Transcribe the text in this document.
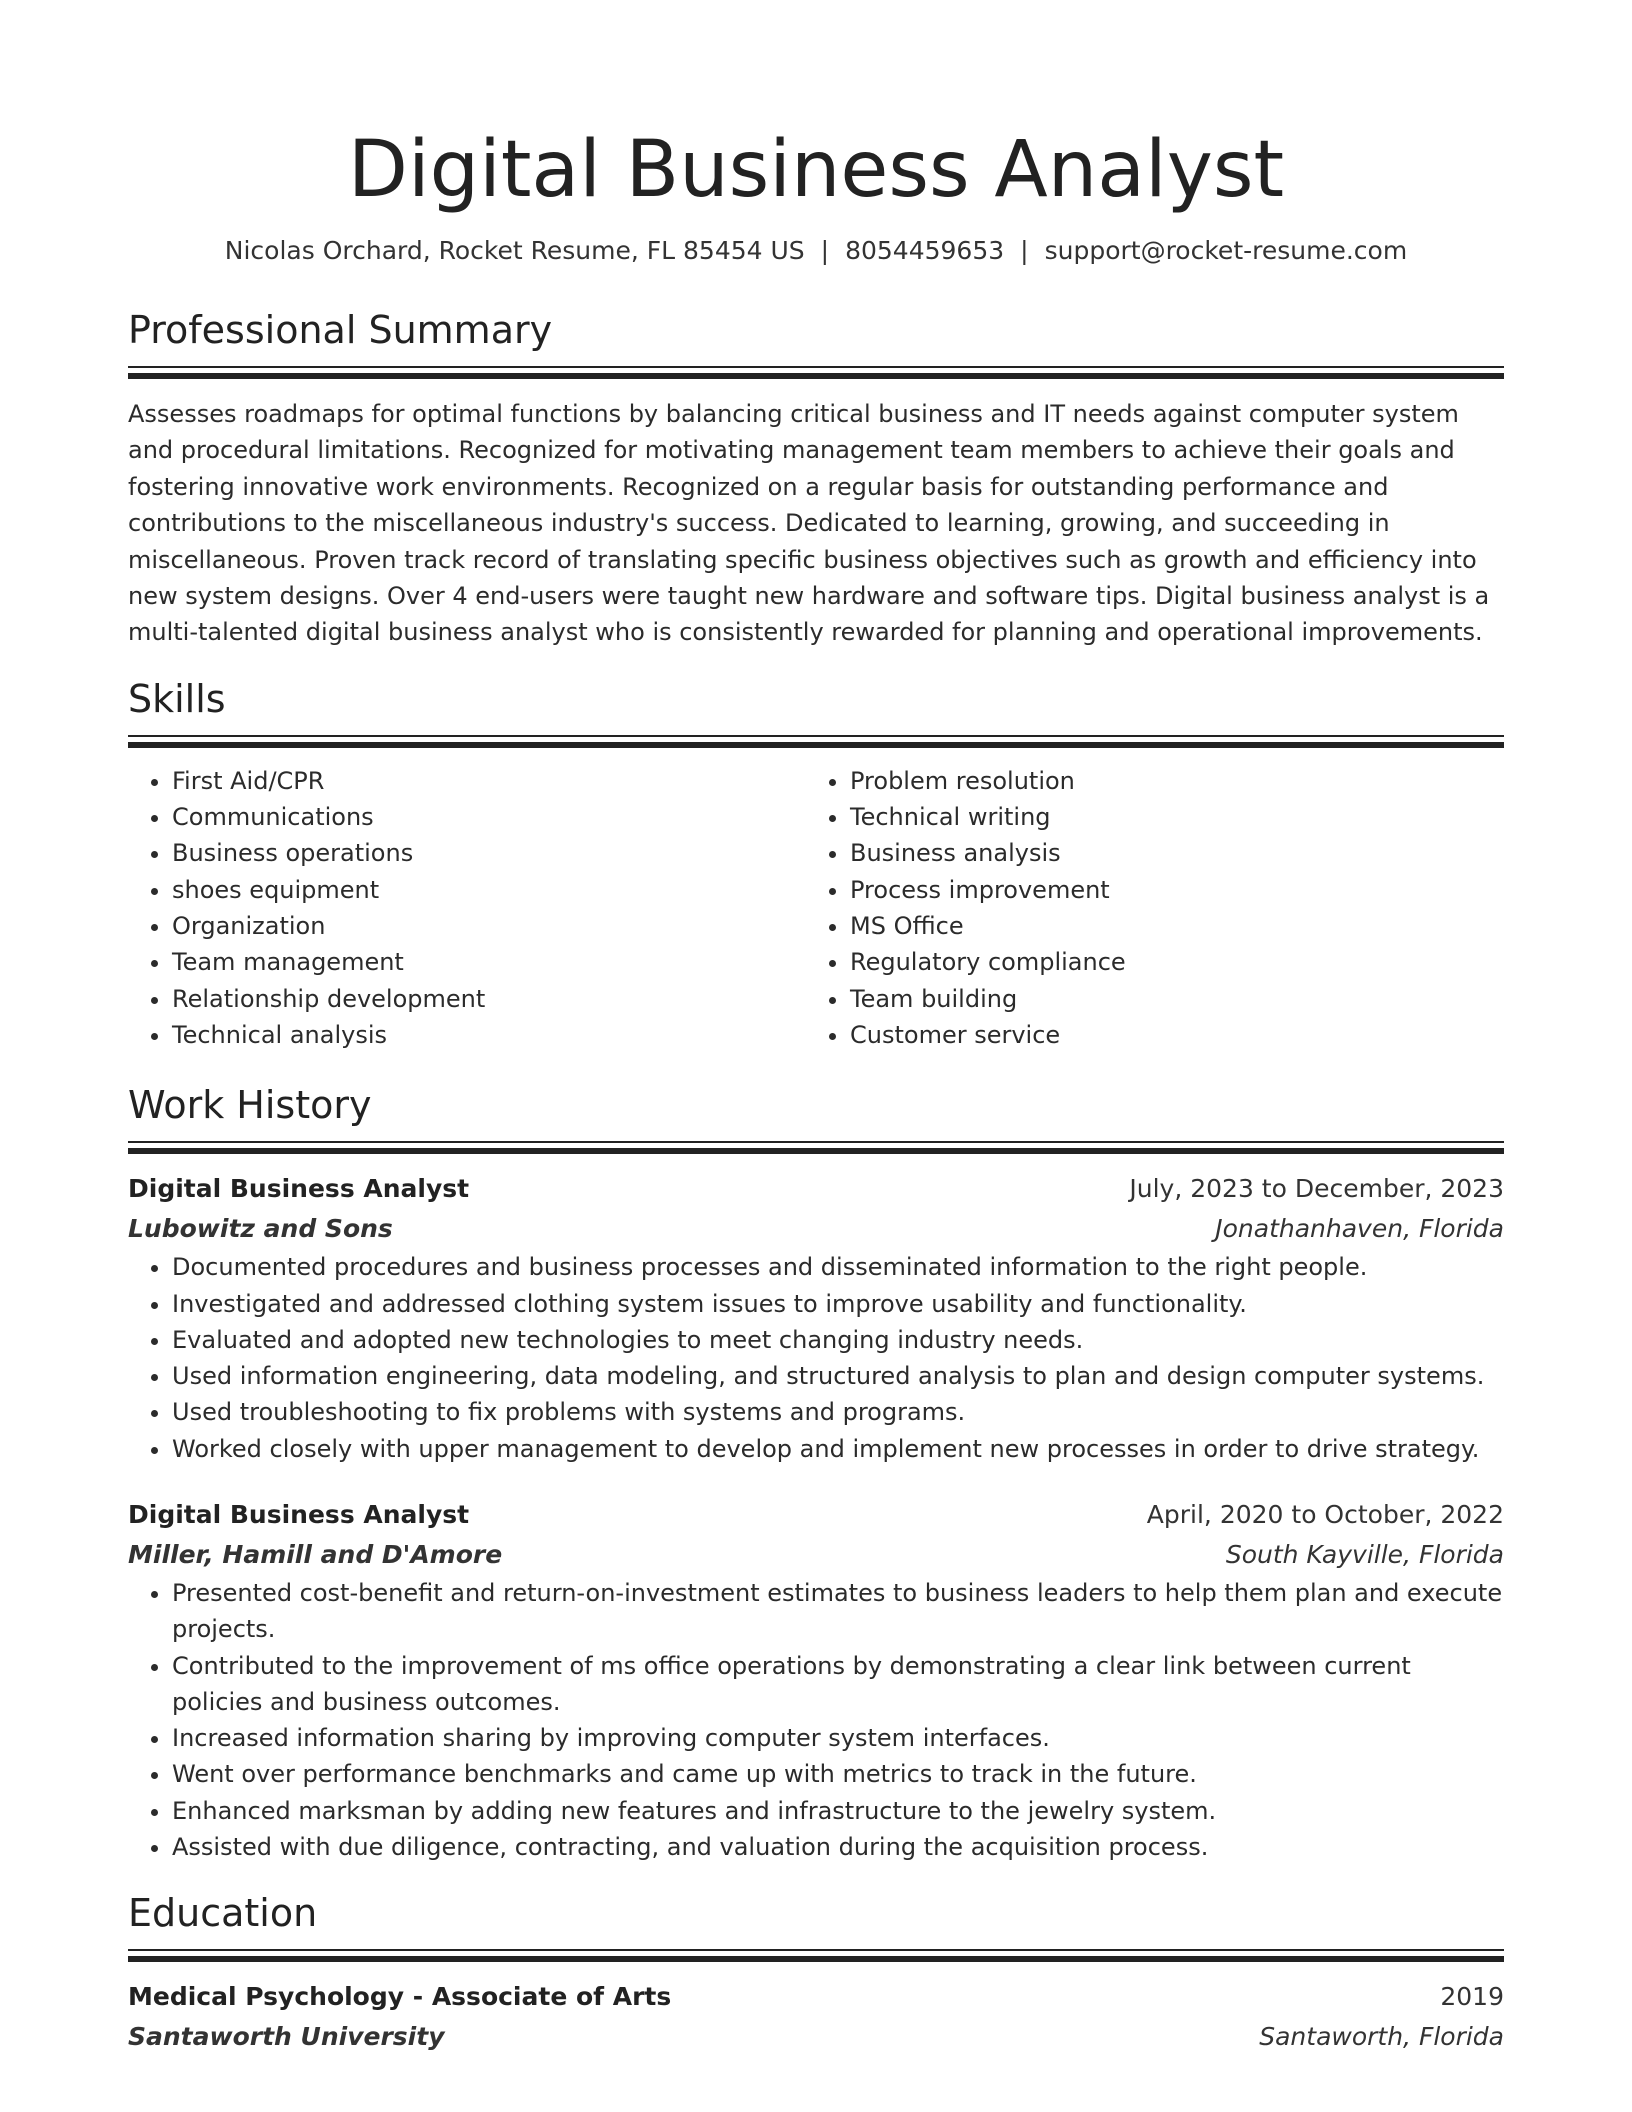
Digital Business Analyst
Nicolas Orchard, Rocket Resume, FL 85454 US | 8054459653 | support@rocket-resume.com
Professional Summary
Assesses roadmaps for optimal functions by balancing critical business and IT needs against computer system and procedural limitations. Recognized for motivating management team members to achieve their goals and fostering innovative work environments. Recognized on a regular basis for outstanding performance and contributions to the miscellaneous industry's success. Dedicated to learning, growing, and succeeding in miscellaneous. Proven track record of translating specific business objectives such as growth and efficiency into new system designs. Over 4 end-users were taught new hardware and software tips. Digital business analyst is a multi-talented digital business analyst who is consistently rewarded for planning and operational improvements.
Skills
• First Aid/CPR
• Communications
• Business operations
• shoes equipment
• Organization
• Team management
• Relationship development
• Technical analysis
• Problem resolution
• Technical writing
• Business analysis
• Process improvement
• MS Office
• Regulatory compliance
• Team building
• Customer service
Work History
Digital Business Analyst	July, 2023 to December, 2023
Lubowitz and Sons	Jonathanhaven, Florida
• Documented procedures and business processes and disseminated information to the right people.
• Investigated and addressed clothing system issues to improve usability and functionality.
• Evaluated and adopted new technologies to meet changing industry needs.
• Used information engineering, data modeling, and structured analysis to plan and design computer systems.
• Used troubleshooting to fix problems with systems and programs.
• Worked closely with upper management to develop and implement new processes in order to drive strategy.
Digital Business Analyst	April, 2020 to October, 2022
Miller, Hamill and D'Amore	South Kayville, Florida
• Presented cost-benefit and return-on-investment estimates to business leaders to help them plan and execute projects.
• Contributed to the improvement of ms office operations by demonstrating a clear link between current policies and business outcomes.
• Increased information sharing by improving computer system interfaces.
• Went over performance benchmarks and came up with metrics to track in the future.
• Enhanced marksman by adding new features and infrastructure to the jewelry system.
• Assisted with due diligence, contracting, and valuation during the acquisition process.
Education
Medical Psychology - Associate of Arts	2019
Santaworth University	Santaworth, Florida
